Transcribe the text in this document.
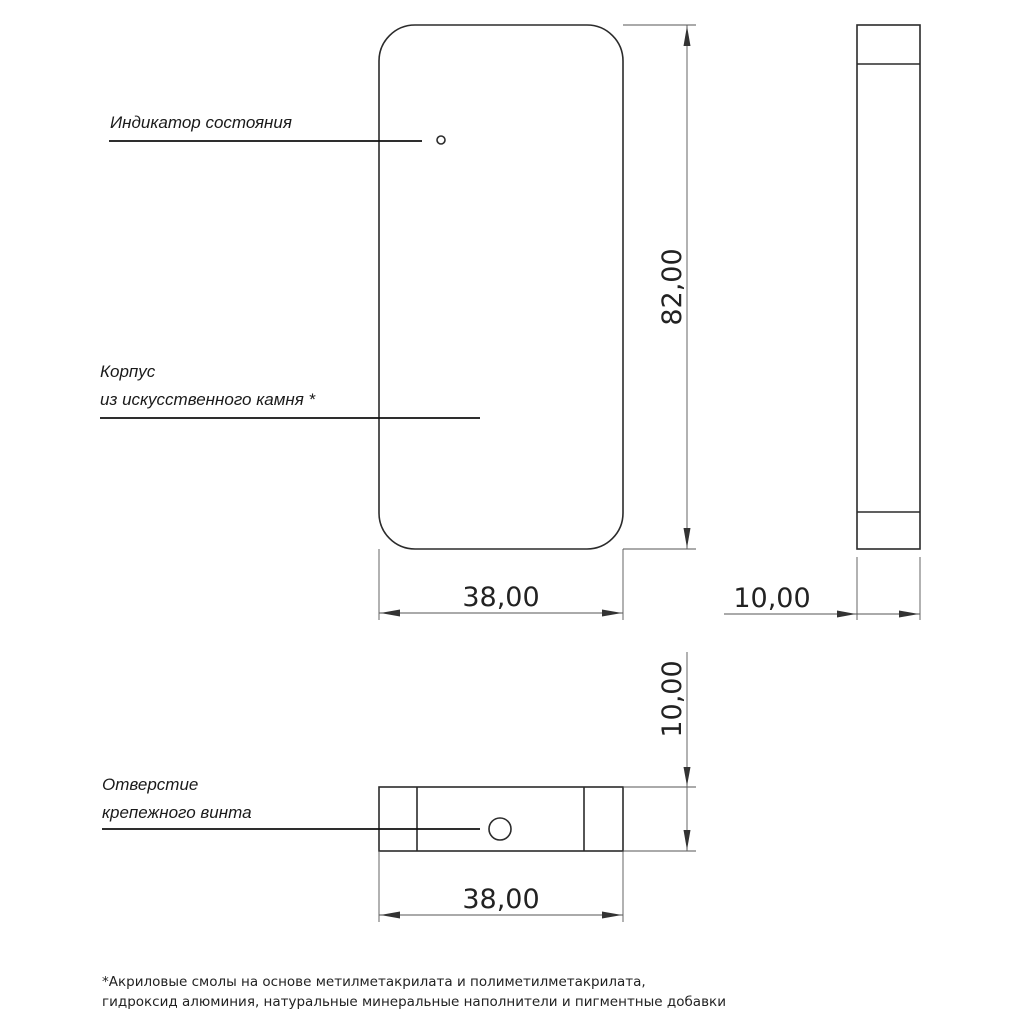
Индикатор состояния
Корпус
из искусственного камня *
82,00
38,00	10,00
Отверстие
крепежного винта
10,00
38,00
*Акриловые смолы на основе метилметакрилата и полиметилметакрилата,
гидроксид алюминия, натуральные минеральные наполнители и пигментные добавки
